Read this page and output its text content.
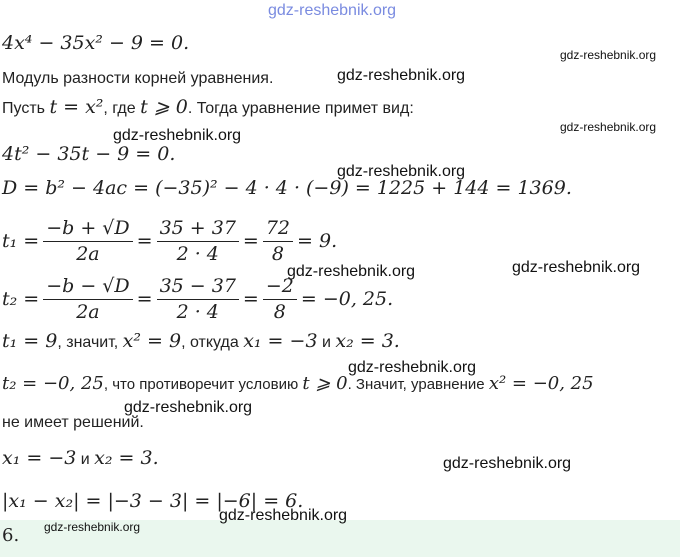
gdz-reshebnik.org
gdz-reshebnik.org
gdz-reshebnik.org
gdz-reshebnik.org
gdz-reshebnik.org
gdz-reshebnik.org
gdz-reshebnik.org	gdz-reshebnik.org
gdz-reshebnik.org
gdz-reshebnik.org
gdz-reshebnik.org
gdz-reshebnik.org
gdz-reshebnik.org
4x⁴ − 35x² − 9 = 0.
Модуль разности корней уравнения.
Пусть t = x², где t ⩾ 0. Тогда уравнение примет вид:
4t² − 35t − 9 = 0.
D = b² − 4ac = (−35)² − 4 · 4 · (−9) = 1225 + 144 = 1369.
$t_1 = \frac{-b + √D}{2a} = \frac{35 + 37}{2 \cdot 4} = \frac{72}{8} = 9$.
$t_2 = \frac{-b - √D}{2a} = \frac{35 - 37}{2 \cdot 4} = \frac{-2}{8} = -0$, 25.
t₁ = 9, значит, x² = 9, откуда x₁ = −3 и x₂ = 3.
t₂ = −0, 25, что противоречит условию t ⩾ 0. Значит, уравнение x² = −0, 25
не имеет решений.
x₁ = −3 и x₂ = 3.
|x₁ − x₂| = |−3 − 3| = |−6| = 6.
6.
